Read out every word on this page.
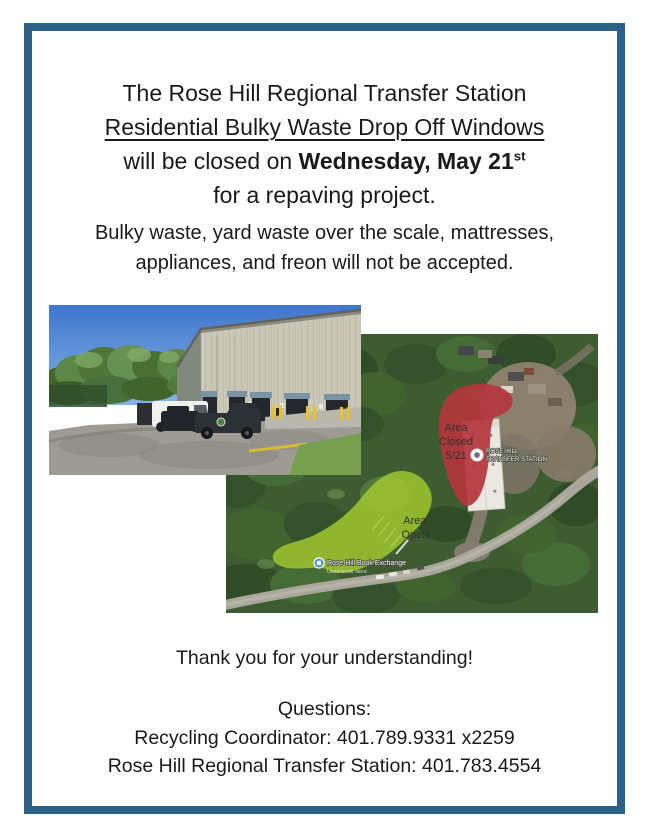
The Rose Hill Regional Transfer Station
Residential Bulky Waste Drop Off Windows
will be closed on Wednesday, May 21st
for a repaving project.
Bulky waste, yard waste over the scale, mattresses,
appliances, and freon will not be accepted.
Area
Closed
5/21
Area
Open
ROSE HILL
TRANSFER STATION
Rose Hill Book Exchange
Used book store
Thank you for your understanding!
Questions:
Recycling Coordinator: 401.789.9331 x2259
Rose Hill Regional Transfer Station: 401.783.4554
